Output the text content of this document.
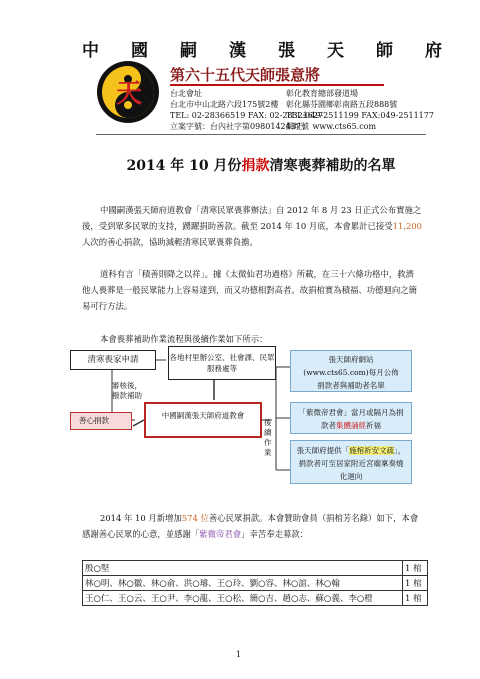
中 國 嗣 漢 張 天 師 府
天
第六十五代天師張意將
台北會址
台北市中山北路六段175號2樓
TEL: 02-28366519 FAX: 02-28321627
立案字號：台內社字第0980142437號
彰化教育總部發道場
彰化縣芬園鄉彰南路五段888號
TEL:049-2511199 FAX:049-2511177
網址： www.cts65.com
2014 年 10 月份捐款清寒喪葬補助的名單
中國嗣漢張天師府道教會「清寒民眾喪葬辦法」自 2012 年 8 月 23 日正式公布實施之後，受到眾多民眾的支持，踴躍捐助善款。截至 2014 年 10 月底，本會累計已接受11,200人次的善心捐款，協助減輕清寒民眾喪葬負擔。
道科有言「積善則降之以祥」。據《太微仙君功過格》所載，在三十六條功格中，救濟他人喪葬是一般民眾能力上容易達到，而又功德相對高者。故捐棺實為積福、功德迴向之簡易可行方法。
本會喪葬補助作業流程與後續作業如下所示：
清寒喪家申請	各地村里辦公室、社會課、民眾服務處等
審核後，撥款補助
善心捐款
中國嗣漢張天師府道教會
後續作業
張天師府網站
(www.cts65.com)每月公佈
捐款者與補助者名單
「紫微帝君會」當月或隔月為捐款者集體誦經祈福
張天師府提供「施棺祈安文疏」，捐款者可至居家附近宮廟稟奏燒化迴向
2014 年 10 月新增加574 位善心民眾捐款。本會贊助會員（捐棺芳名錄）如下，本會感謝善心民眾的心意，並感謝「紫微帝君會」幸苦奉走募款：
殷○堅	1 棺
林○明、林○徽、林○俞、洪○璿、王○玲、劉○容、林○誼、林○翰	1 棺
王○仁、王○云、王○尹、李○龍、王○松、簡○吉、趙○志、蘇○義、李○橙	1 棺
1
